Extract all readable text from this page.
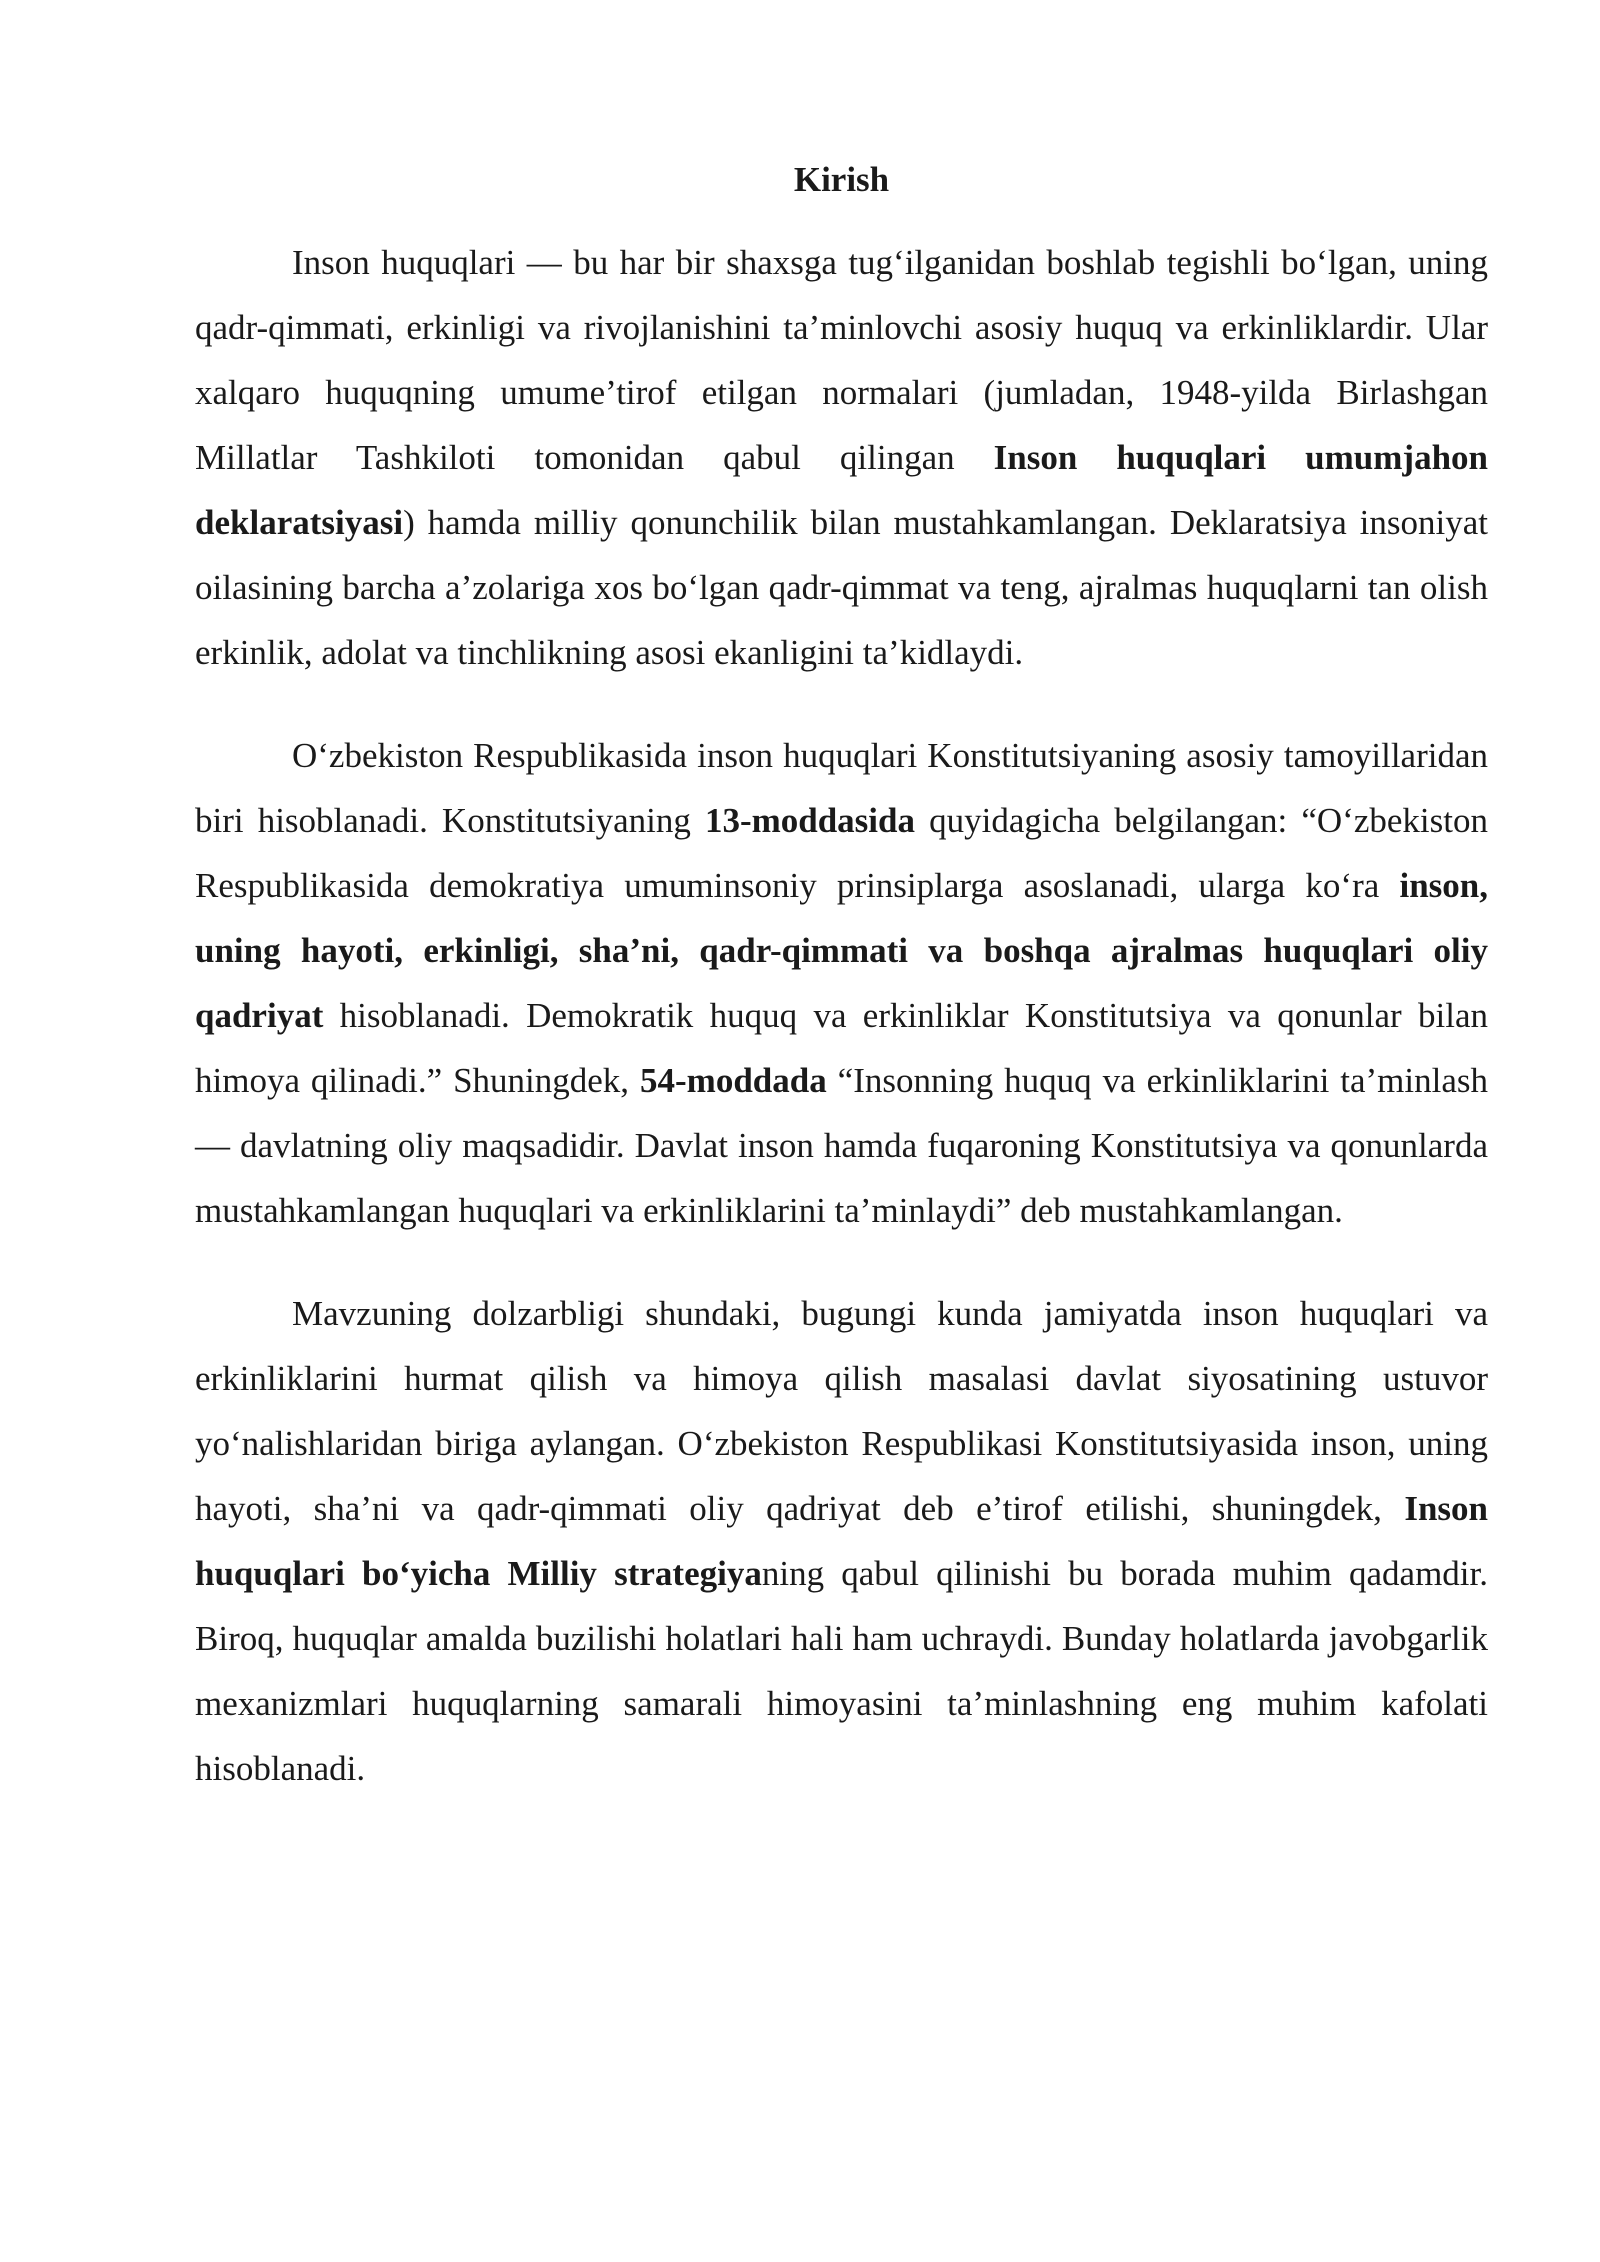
Kirish

Inson huquqlari — bu har bir shaxsga tug‘ilganidan boshlab tegishli bo‘lgan, uning qadr-qimmati, erkinligi va rivojlanishini ta’minlovchi asosiy huquq va erkinliklardir. Ular xalqaro huquqning umume’tirof etilgan normalari (jumladan, 1948-yilda Birlashgan Millatlar Tashkiloti tomonidan qabul qilingan Inson huquqlari umumjahon deklaratsiyasi) hamda milliy qonunchilik bilan mustahkamlangan. Deklaratsiya insoniyat oilasining barcha a’zolariga xos bo‘lgan qadr-qimmat va teng, ajralmas huquqlarni tan olish erkinlik, adolat va tinchlikning asosi ekanligini ta’kidlaydi.

O‘zbekiston Respublikasida inson huquqlari Konstitutsiyaning asosiy tamoyillaridan biri hisoblanadi. Konstitutsiyaning 13-moddasida quyidagicha belgilangan: “O‘zbekiston Respublikasida demokratiya umuminsoniy prinsiplarga asoslanadi, ularga ko‘ra inson, uning hayoti, erkinligi, sha’ni, qadr-qimmati va boshqa ajralmas huquqlari oliy qadriyat hisoblanadi. Demokratik huquq va erkinliklar Konstitutsiya va qonunlar bilan himoya qilinadi.” Shuningdek, 54-moddada “Insonning huquq va erkinliklarini ta’minlash — davlatning oliy maqsadidir. Davlat inson hamda fuqaroning Konstitutsiya va qonunlarda mustahkamlangan huquqlari va erkinliklarini ta’minlaydi” deb mustahkamlangan.

Mavzuning dolzarbligi shundaki, bugungi kunda jamiyatda inson huquqlari va erkinliklarini hurmat qilish va himoya qilish masalasi davlat siyosatining ustuvor yo‘nalishlaridan biriga aylangan. O‘zbekiston Respublikasi Konstitutsiyasida inson, uning hayoti, sha’ni va qadr-qimmati oliy qadriyat deb e’tirof etilishi, shuningdek, Inson huquqlari bo‘yicha Milliy strategiyaning qabul qilinishi bu borada muhim qadamdir. Biroq, huquqlar amalda buzilishi holatlari hali ham uchraydi. Bunday holatlarda javobgarlik mexanizmlari huquqlarning samarali himoyasini ta’minlashning eng muhim kafolati hisoblanadi.
